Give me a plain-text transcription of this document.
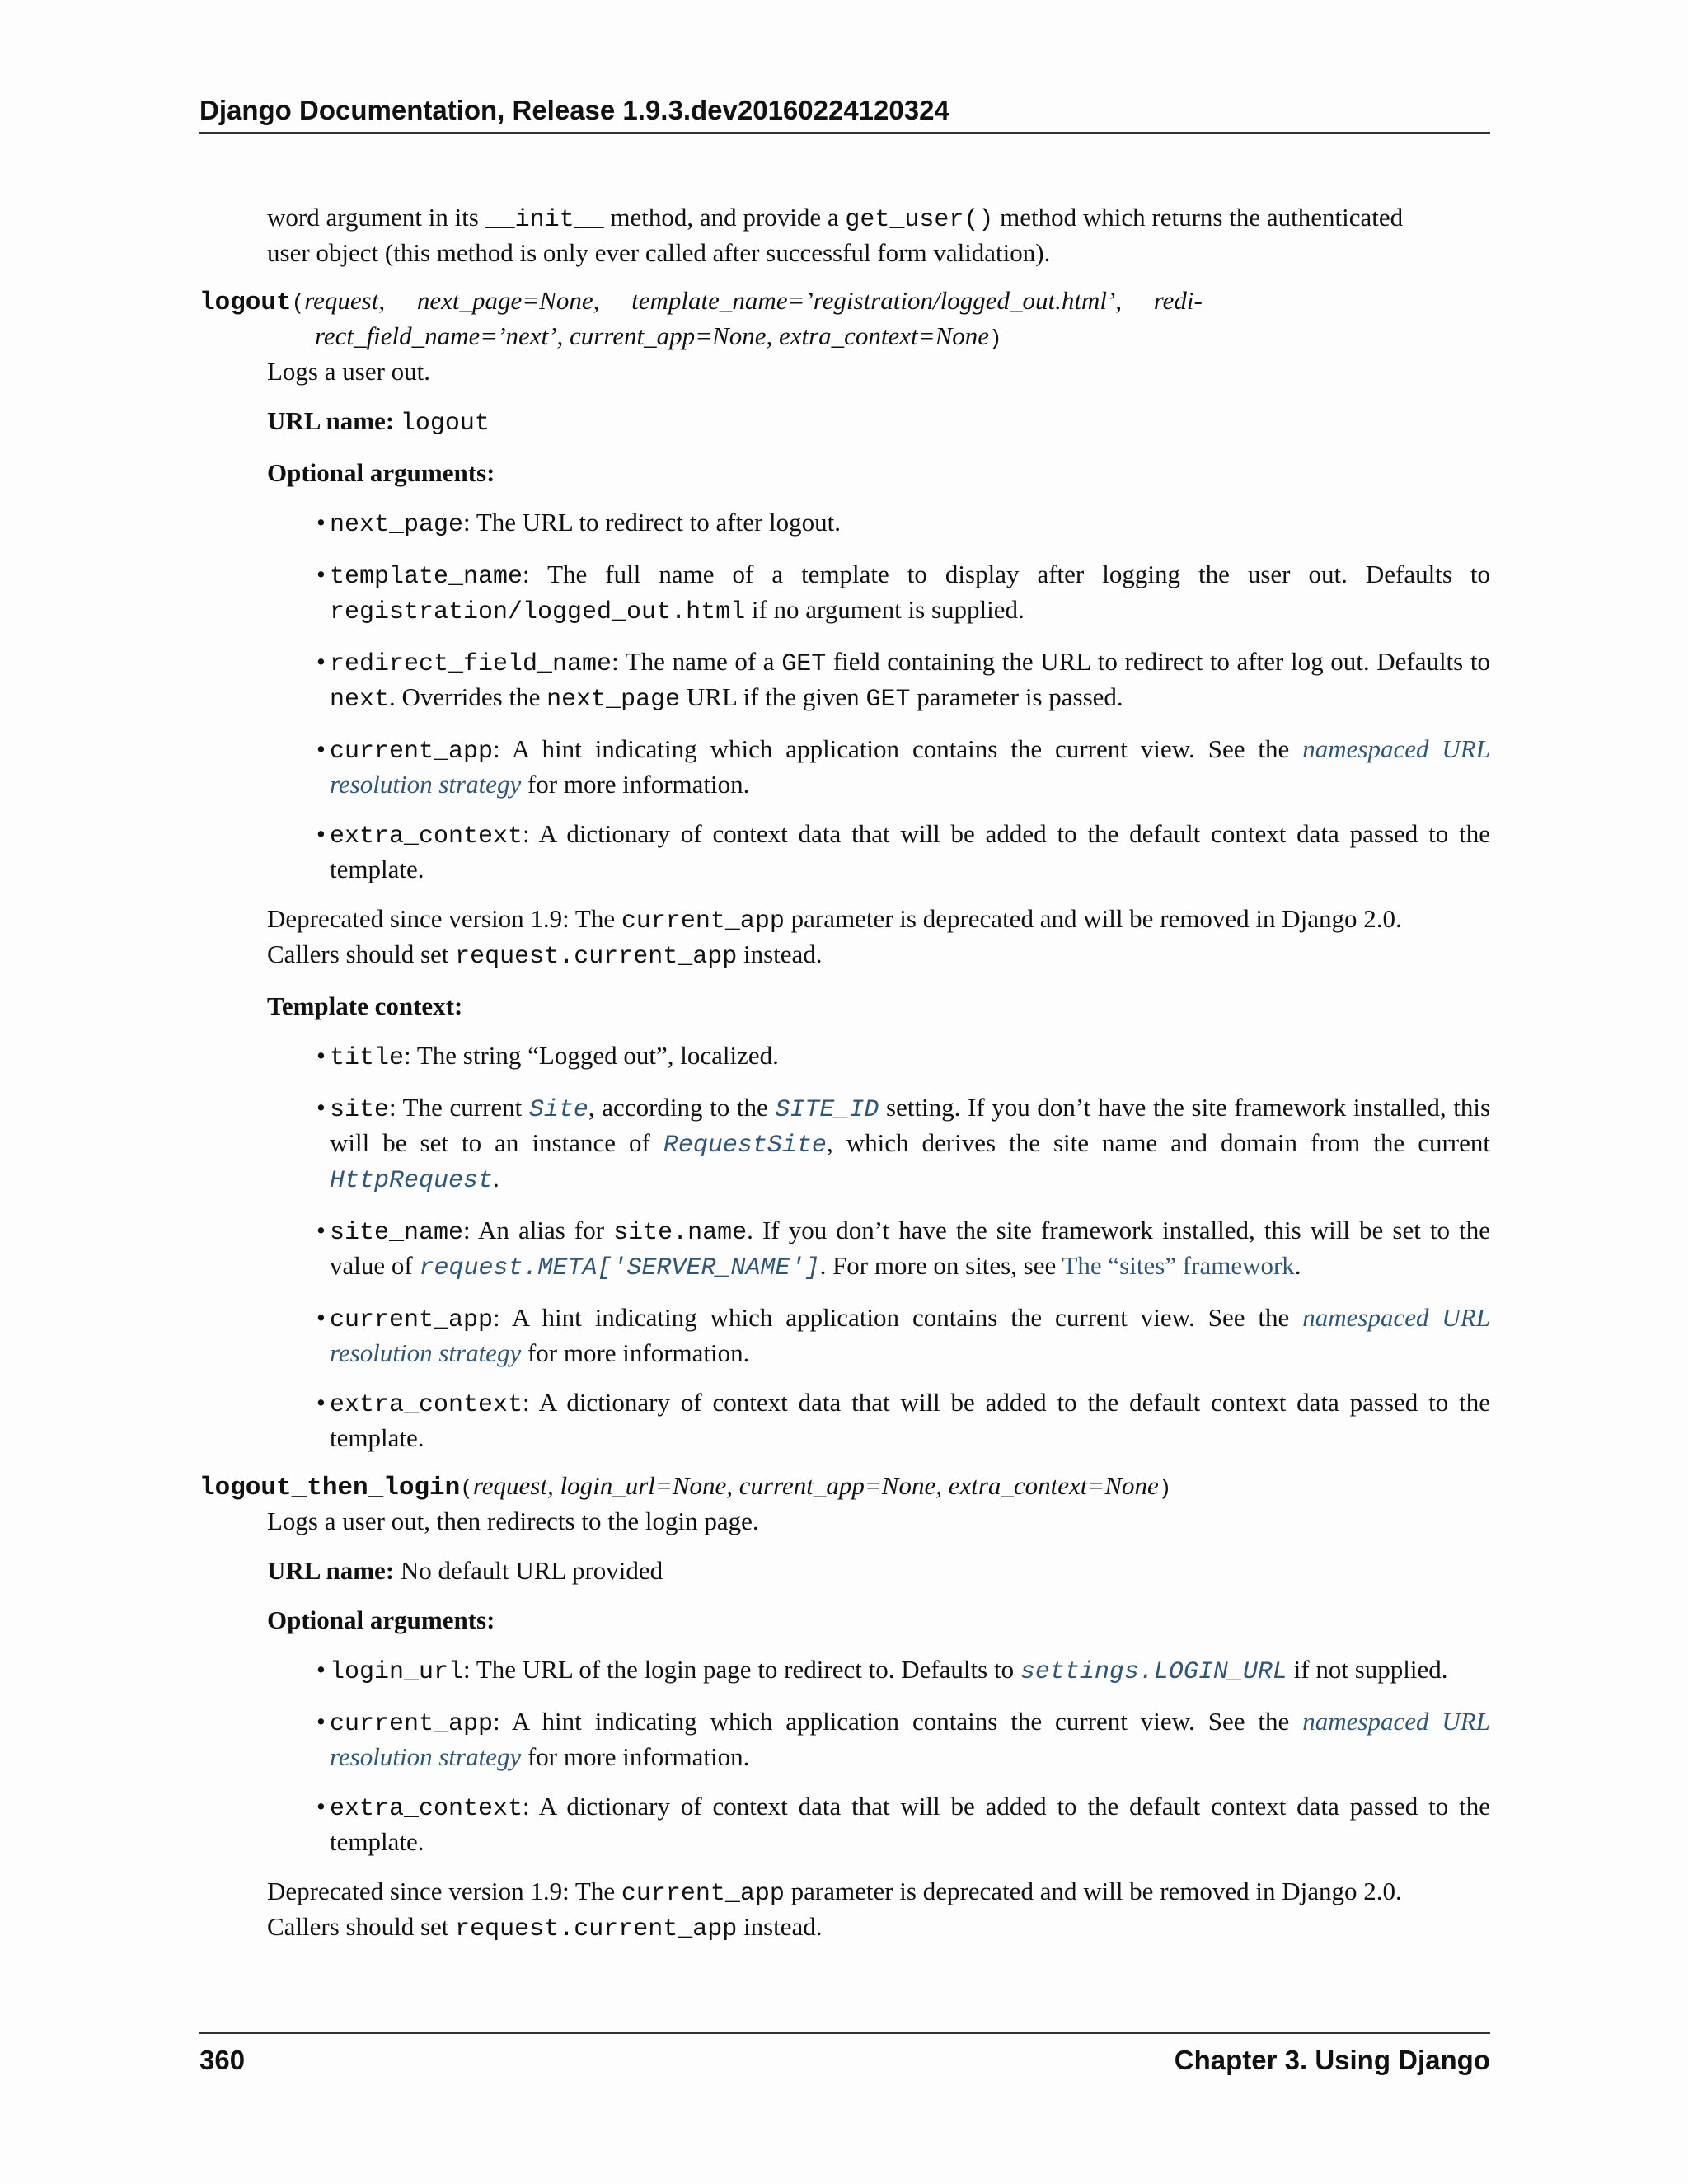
Django Documentation, Release 1.9.3.dev20160224120324

word argument in its __init__ method, and provide a get_user() method which returns the authenticated

user object (this method is only ever called after successful form validation).

logout(request,     next_page=None,     template_name=’registration/logged_out.html’,     redi-
rect_field_name=’next’, current_app=None, extra_context=None)

Logs a user out.

URL name: logout

Optional arguments:

• next_page: The URL to redirect to after logout.
• template_name: The full name of a template to display after logging the user out. Defaults to registration/logged_out.html if no argument is supplied.
• redirect_field_name: The name of a GET field containing the URL to redirect to after log out. Defaults to next. Overrides the next_page URL if the given GET parameter is passed.
• current_app: A hint indicating which application contains the current view. See the namespaced URL resolution strategy for more information.
• extra_context: A dictionary of context data that will be added to the default context data passed to the template.

Deprecated since version 1.9: The current_app parameter is deprecated and will be removed in Django 2.0.

Callers should set request.current_app instead.

Template context:

• title: The string “Logged out”, localized.
• site: The current Site, according to the SITE_ID setting. If you don’t have the site framework installed, this will be set to an instance of RequestSite, which derives the site name and domain from the current HttpRequest.
• site_name: An alias for site.name. If you don’t have the site framework installed, this will be set to the value of request.META['SERVER_NAME']. For more on sites, see The “sites” framework.
• current_app: A hint indicating which application contains the current view. See the namespaced URL resolution strategy for more information.
• extra_context: A dictionary of context data that will be added to the default context data passed to the template.
logout_then_login(request, login_url=None, current_app=None, extra_context=None)

Logs a user out, then redirects to the login page.

URL name: No default URL provided

Optional arguments:

• login_url: The URL of the login page to redirect to. Defaults to settings.LOGIN_URL if not supplied.
• current_app: A hint indicating which application contains the current view. See the namespaced URL resolution strategy for more information.
• extra_context: A dictionary of context data that will be added to the default context data passed to the template.

Deprecated since version 1.9: The current_app parameter is deprecated and will be removed in Django 2.0.

Callers should set request.current_app instead.

360	Chapter 3. Using Django
